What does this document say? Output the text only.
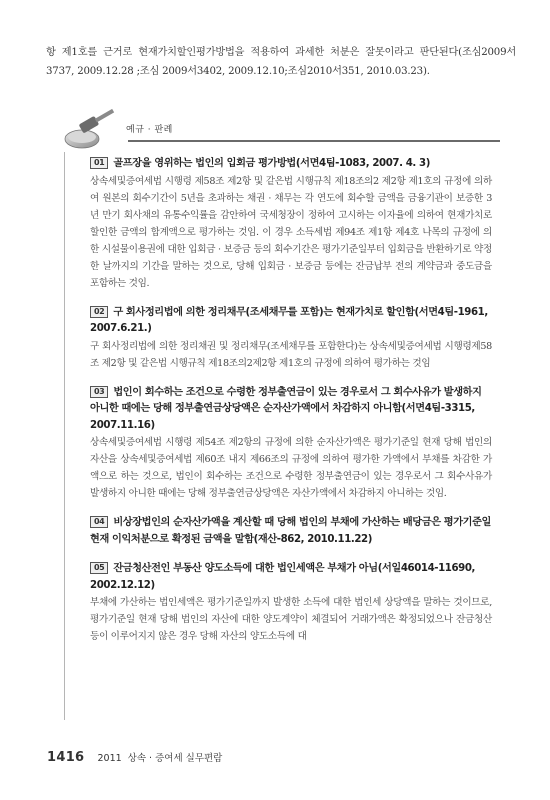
항 제1호를 근거로 현재가치할인평가방법을 적용하여 과세한 처분은 잘못이라고 판단된다(조심2009서3737, 2009.12.28 ;조심 2009서3402, 2009.12.10;조심2010서351, 2010.03.23).
예규 · 판례
01 골프장을 영위하는 법인의 입회금 평가방법(서면4팀-1083, 2007. 4. 3)
상속세및증여세법 시행령 제58조 제2항 및 같은법 시행규칙 제18조의2 제2항 제1호의 규정에 의하여 원본의 회수기간이 5년을 초과하는 채권 · 채무는 각 연도에 회수할 금액을 금융기관이 보증한 3년 만기 회사채의 유통수익률을 감안하여 국세청장이 정하여 고시하는 이자율에 의하여 현재가치로 할인한 금액의 합계액으로 평가하는 것임. 이 경우 소득세법 제94조 제1항 제4호 나목의 규정에 의한 시설물이용권에 대한 입회금 · 보증금 등의 회수기간은 평가기준일부터 입회금을 반환하기로 약정한 날까지의 기간을 말하는 것으로, 당해 입회금 · 보증금 등에는 잔금납부 전의 계약금과 중도금을 포함하는 것임.
02 구 회사정리법에 의한 정리채무(조세채무를 포함)는 현재가치로 할인함(서면4팀-1961, 2007.6.21.)
구 회사정리법에 의한 정리채권 및 정리채무(조세채무를 포함한다)는 상속세및증여세법 시행령제58조 제2항 및 같은법 시행규칙 제18조의2제2항 제1호의 규정에 의하여 평가하는 것임
03 법인이 회수하는 조건으로 수령한 정부출연금이 있는 경우로서 그 회수사유가 발생하지 아니한 때에는 당해 정부출연금상당액은 순자산가액에서 차감하지 아니함(서면4팀-3315, 2007.11.16)
상속세및증여세법 시행령 제54조 제2항의 규정에 의한 순자산가액은 평가기준일 현재 당해 법인의 자산을 상속세및증여세법 제60조 내지 제66조의 규정에 의하여 평가한 가액에서 부채를 차감한 가액으로 하는 것으로, 법인이 회수하는 조건으로 수령한 정부출연금이 있는 경우로서 그 회수사유가 발생하지 아니한 때에는 당해 정부출연금상당액은 자산가액에서 차감하지 아니하는 것임.
04 비상장법인의 순자산가액을 계산할 때 당해 법인의 부채에 가산하는 배당금은 평가기준일 현재 이익처분으로 확정된 금액을 말함(재산-862, 2010.11.22)
05 잔금청산전인 부동산 양도소득에 대한 법인세액은 부채가 아님(서일46014-11690, 2002.12.12)
부채에 가산하는 법인세액은 평가기준일까지 발생한 소득에 대한 법인세 상당액을 말하는 것이므로, 평가기준일 현재 당해 법인의 자산에 대한 양도계약이 체결되어 거래가액은 확정되었으나 잔금청산등이 이루어지지 않은 경우 당해 자산의 양도소득에 대
1416 2011 상속 · 증여세 실무편람
